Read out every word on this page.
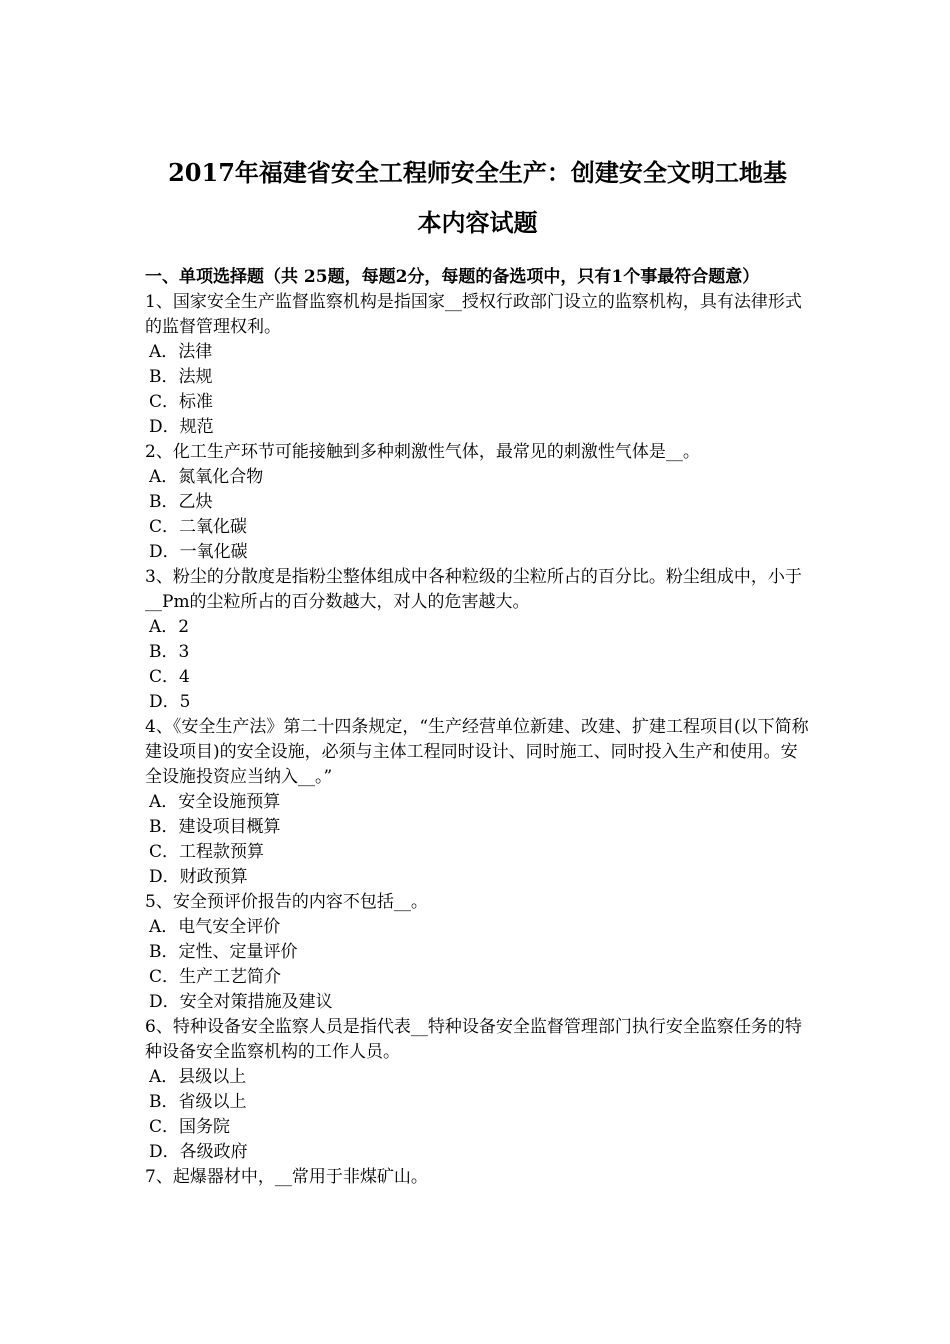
2017年福建省安全工程师安全生产：创建安全文明工地基
本内容试题

一、单项选择题（共 25题，每题2分，每题的备选项中，只有1个事最符合题意）

1、国家安全生产监督监察机构是指国家__授权行政部门设立的监察机构，具有法律形式的监督管理权利。

A．法律

B．法规

C．标准

D．规范

2、化工生产环节可能接触到多种刺激性气体，最常见的刺激性气体是__。

A．氮氧化合物

B．乙炔

C．二氧化碳

D．一氧化碳

3、粉尘的分散度是指粉尘整体组成中各种粒级的尘粒所占的百分比。粉尘组成中，小于__Pm的尘粒所占的百分数越大，对人的危害越大。

A．2

B．3

C．4

D．5

4、《安全生产法》第二十四条规定，“生产经营单位新建、改建、扩建工程项目(以下简称建设项目)的安全设施，必须与主体工程同时设计、同时施工、同时投入生产和使用。安全设施投资应当纳入__。”

A．安全设施预算

B．建设项目概算

C．工程款预算

D．财政预算

5、安全预评价报告的内容不包括__。

A．电气安全评价

B．定性、定量评价

C．生产工艺简介

D．安全对策措施及建议

6、特种设备安全监察人员是指代表__特种设备安全监督管理部门执行安全监察任务的特种设备安全监察机构的工作人员。

A．县级以上

B．省级以上

C．国务院

D．各级政府

7、起爆器材中，__常用于非煤矿山。
